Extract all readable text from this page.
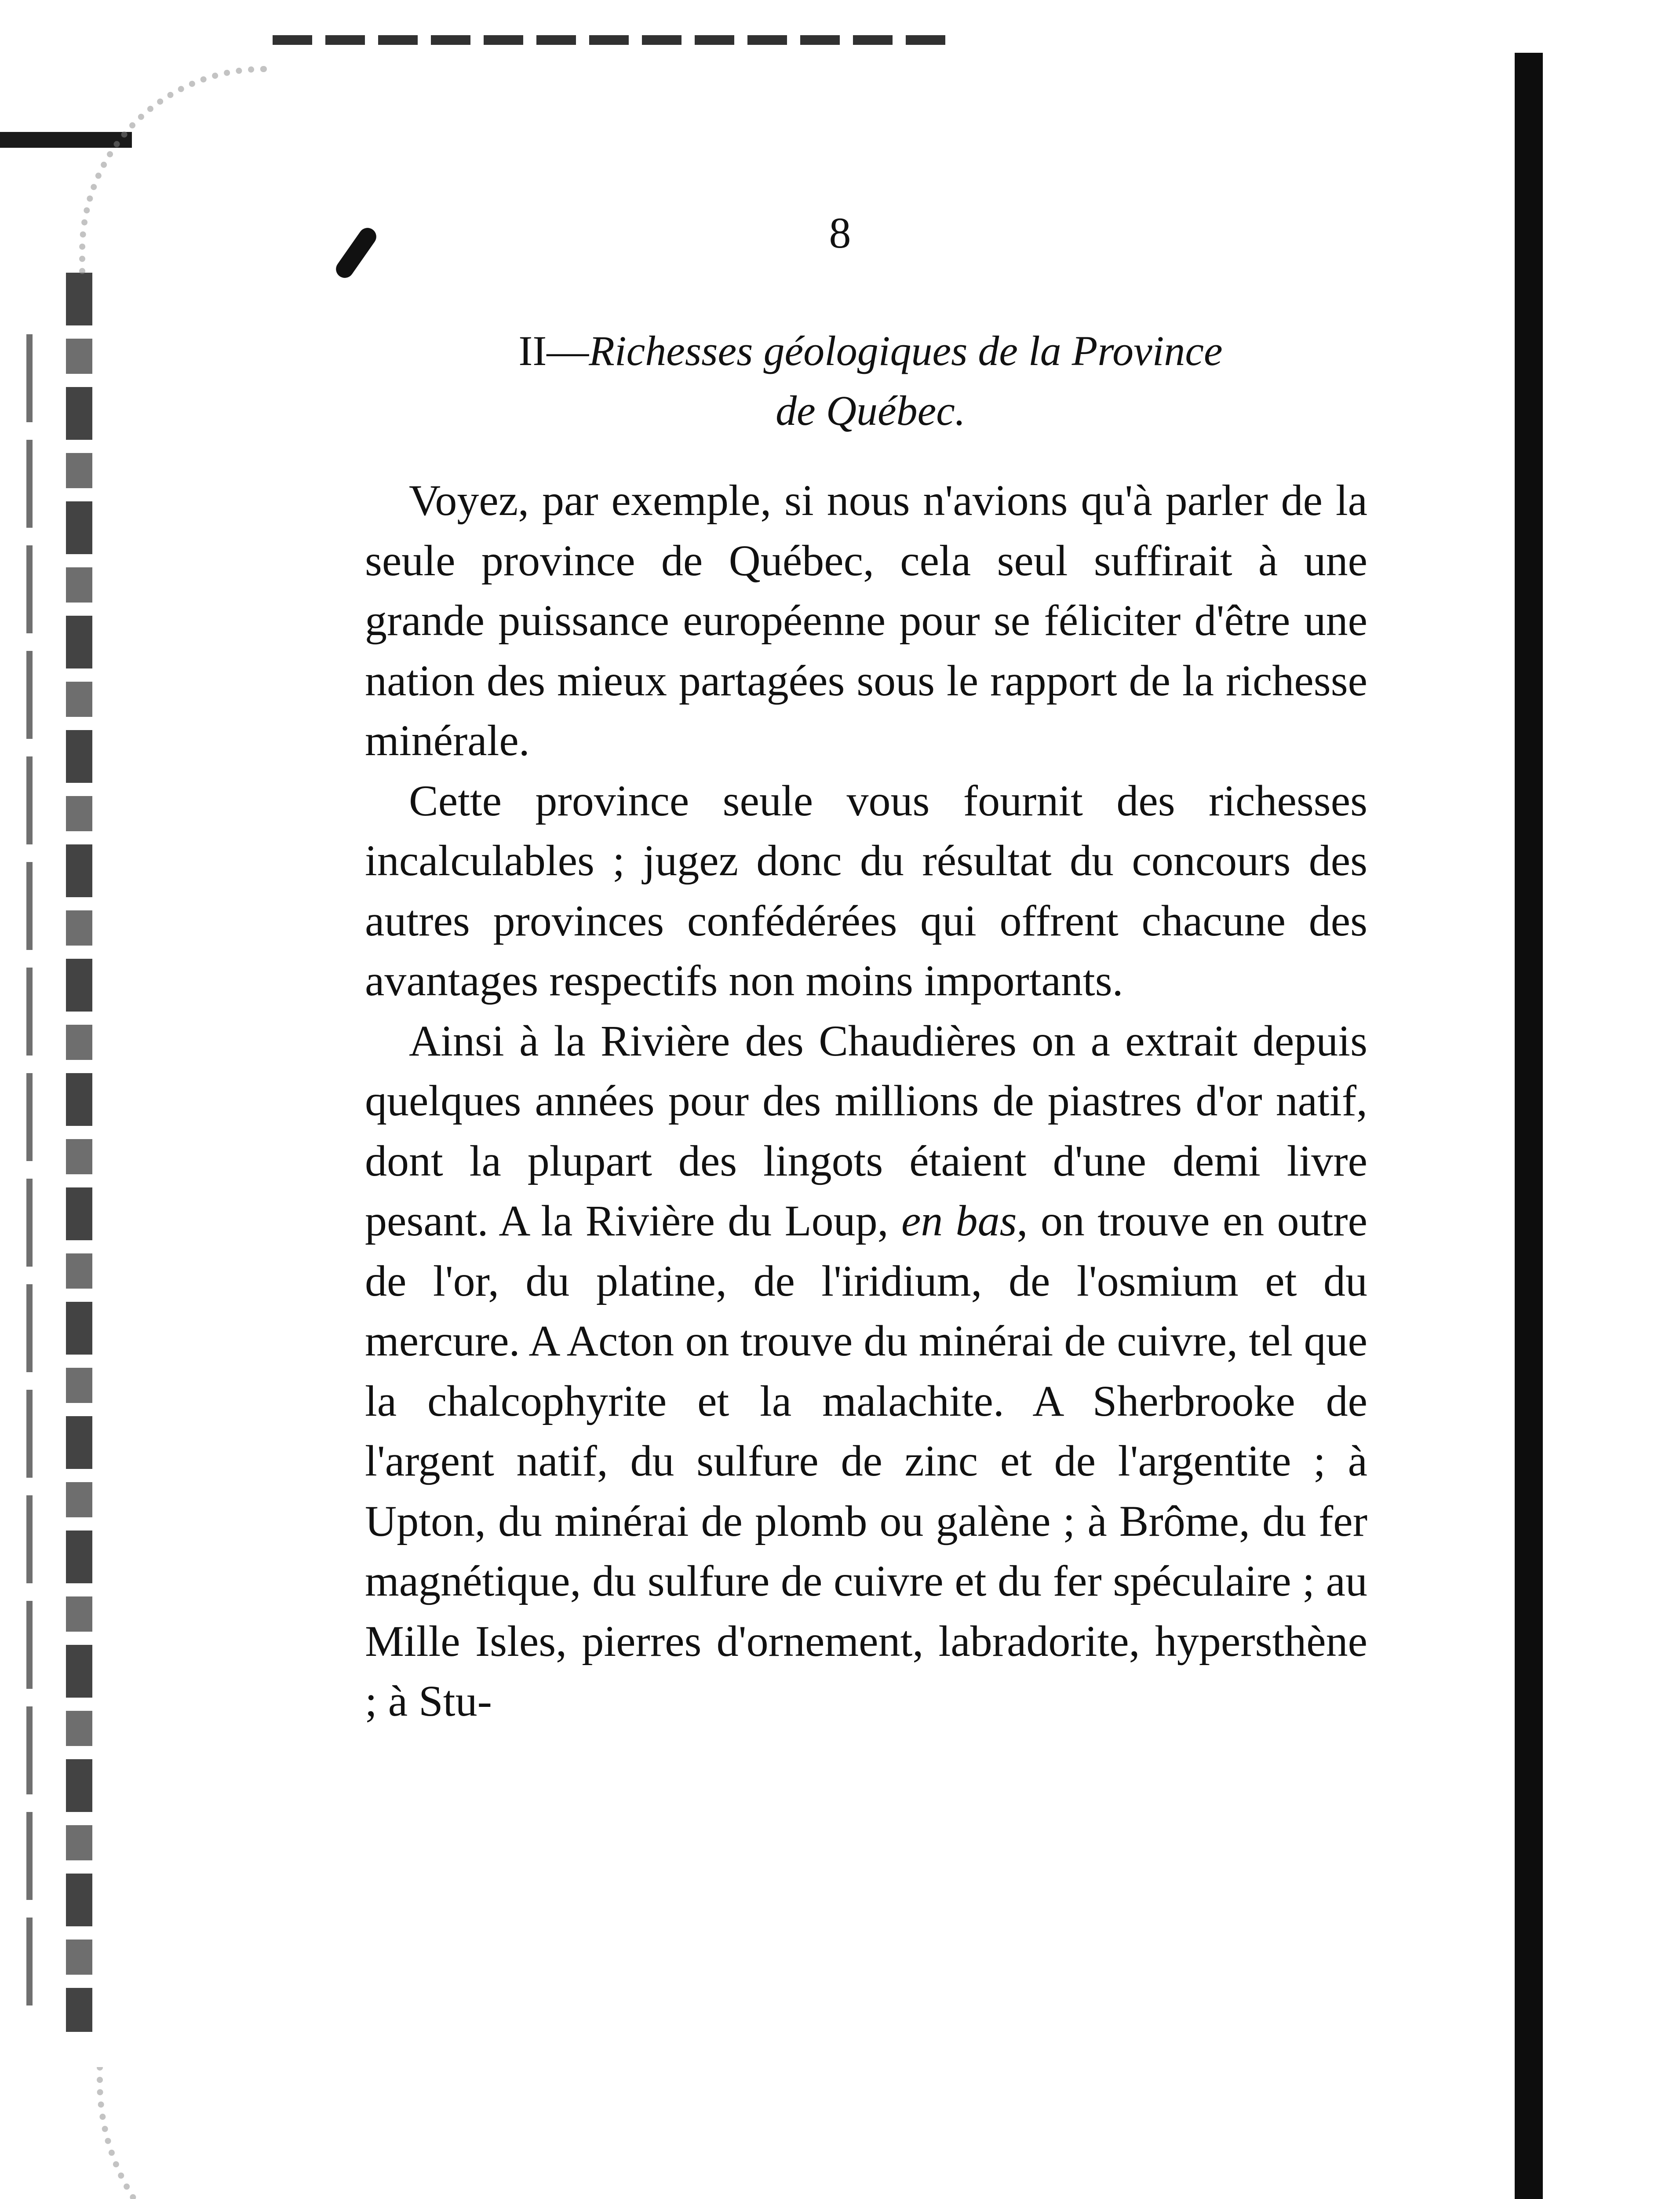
8
II—Richesses géologiques de la Province
de Québec.

Voyez, par exemple, si nous n'avions qu'à parler de la seule province de Québec, cela seul suffirait à une grande puissance européenne pour se féliciter d'être une nation des mieux partagées sous le rapport de la richesse minérale.

Cette province seule vous fournit des richesses incalculables ; jugez donc du résultat du concours des autres provinces confédérées qui offrent chacune des avantages respectifs non moins importants.

Ainsi à la Rivière des Chaudières on a extrait depuis quelques années pour des millions de piastres d'or natif, dont la plupart des lingots étaient d'une demi livre pesant. A la Rivière du Loup, en bas, on trouve en outre de l'or, du platine, de l'iridium, de l'osmium et du mercure. A Acton on trouve du minérai de cuivre, tel que la chalcophyrite et la malachite. A Sherbrooke de l'argent natif, du sulfure de zinc et de l'argentite ; à Upton, du minérai de plomb ou galène ; à Brôme, du fer magnétique, du sulfure de cuivre et du fer spéculaire ; au Mille Isles, pierres d'ornement, labradorite, hypersthène ; à Stu-
